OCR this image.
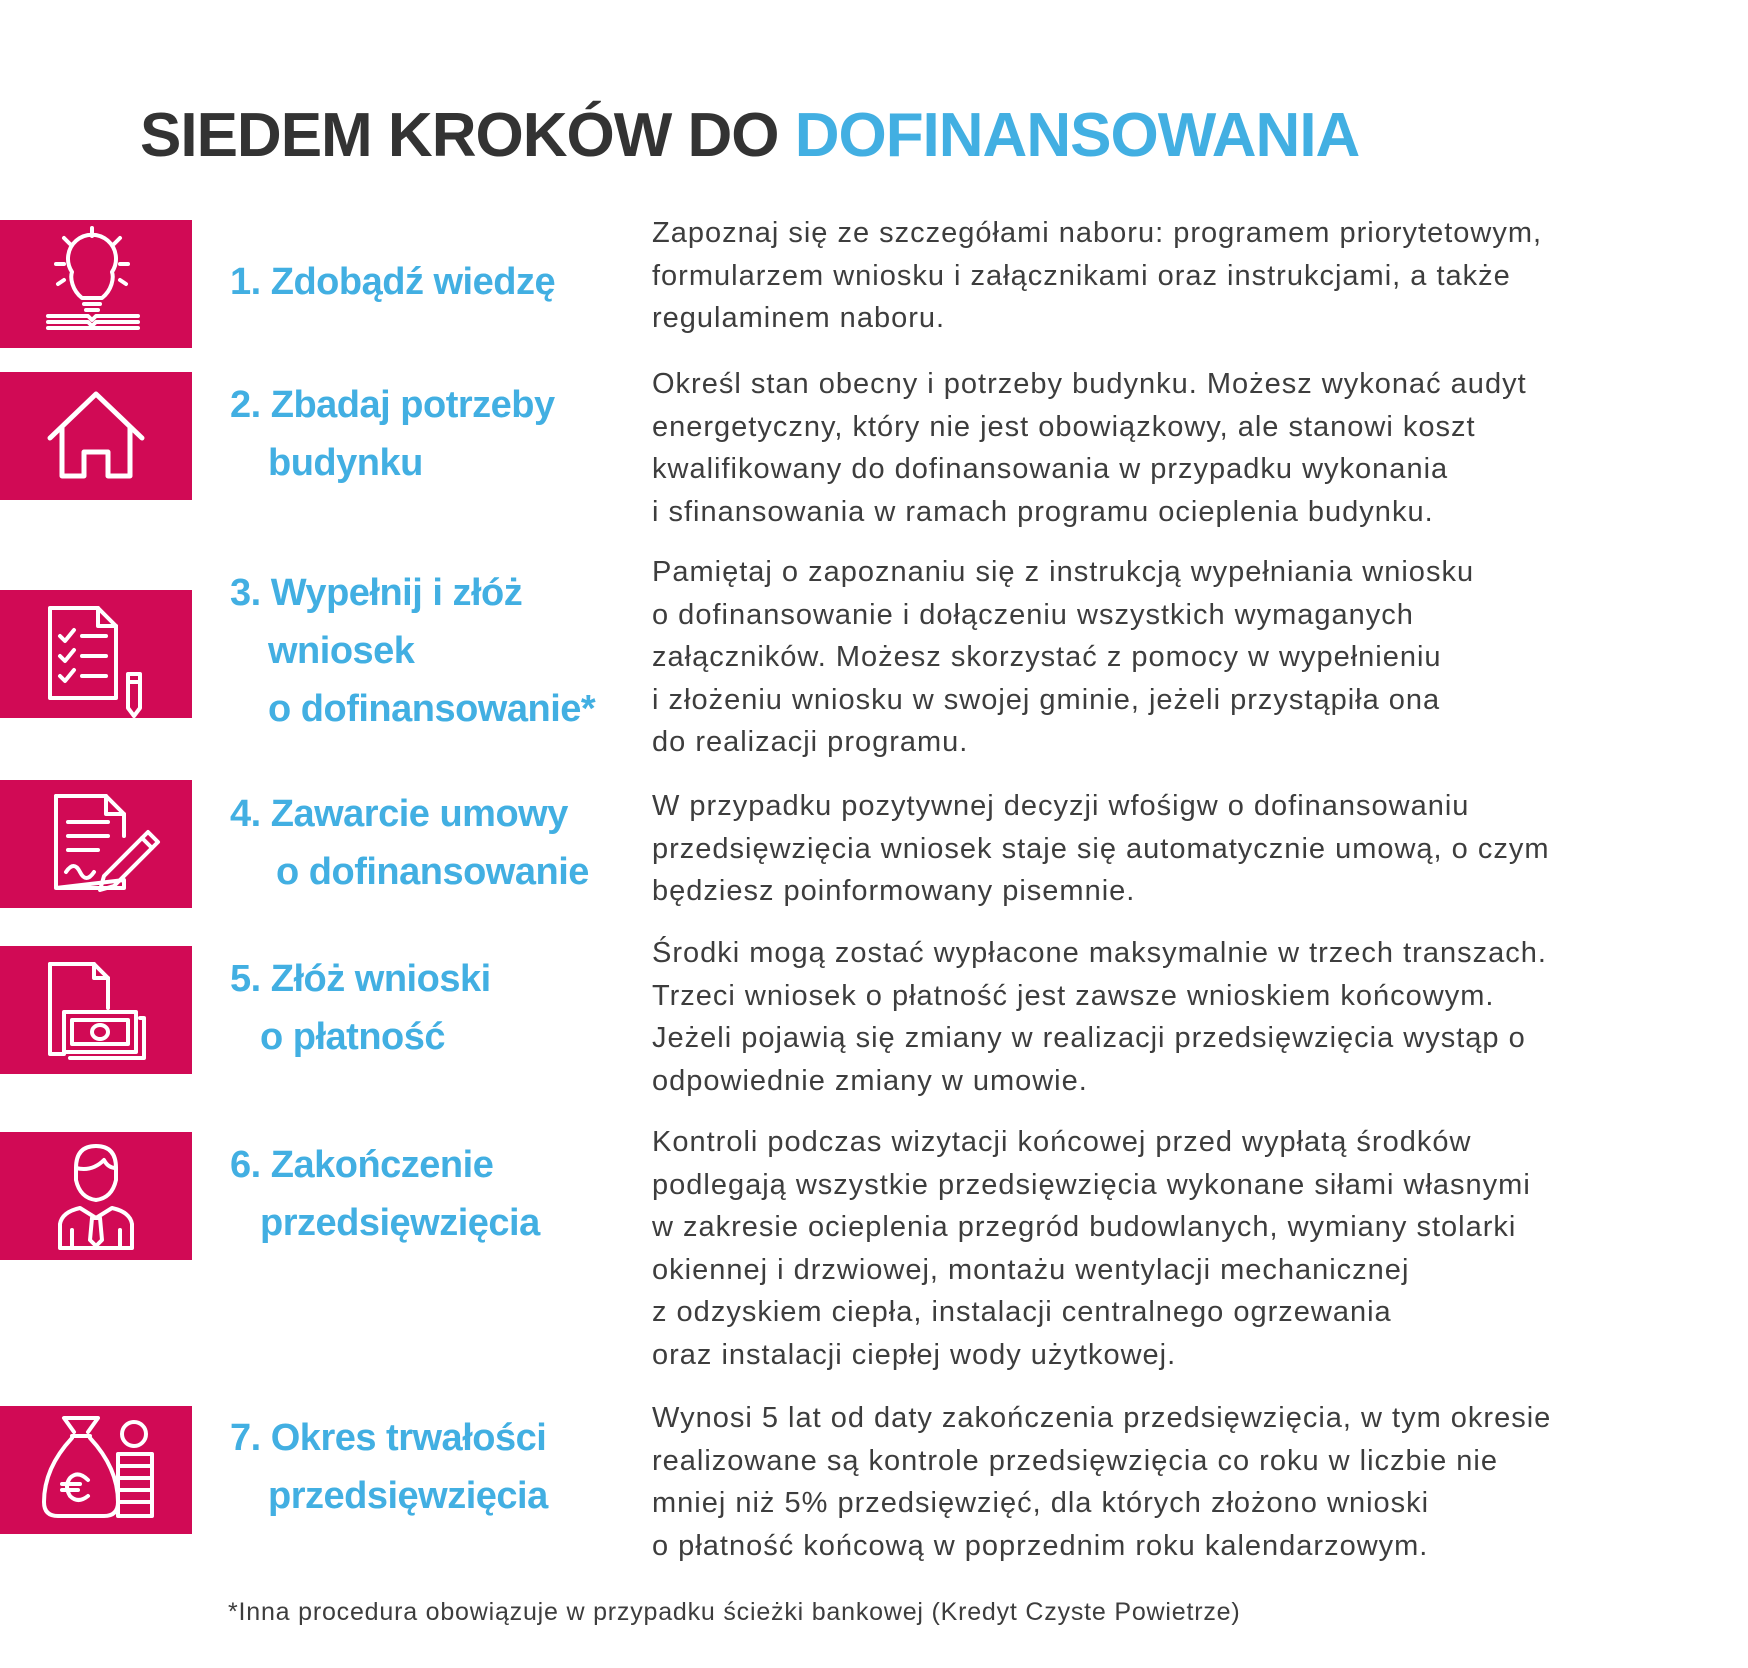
SIEDEM KROKÓW DO DOFINANSOWANIA
1. Zdobądź wiedzę
Zapoznaj się ze szczegółami naboru: programem priorytetowym,
formularzem wniosku i załącznikami oraz instrukcjami, a także
regulaminem naboru.
2. Zbadaj potrzeby
budynku
Określ stan obecny i potrzeby budynku. Możesz wykonać audyt
energetyczny, który nie jest obowiązkowy, ale stanowi koszt
kwalifikowany do dofinansowania w przypadku wykonania
i sfinansowania w ramach programu ocieplenia budynku.
3. Wypełnij i złóż
wniosek
o dofinansowanie*
Pamiętaj o zapoznaniu się z instrukcją wypełniania wniosku
o dofinansowanie i dołączeniu wszystkich wymaganych
załączników. Możesz skorzystać z pomocy w wypełnieniu
i złożeniu wniosku w swojej gminie, jeżeli przystąpiła ona
do realizacji programu.
4. Zawarcie umowy
o dofinansowanie
W przypadku pozytywnej decyzji wfośigw o dofinansowaniu
przedsięwzięcia wniosek staje się automatycznie umową, o czym
będziesz poinformowany pisemnie.
5. Złóż wnioski
o płatność
Środki mogą zostać wypłacone maksymalnie w trzech transzach.
Trzeci wniosek o płatność jest zawsze wnioskiem końcowym.
Jeżeli pojawią się zmiany w realizacji przedsięwzięcia wystąp o
odpowiednie zmiany w umowie.
6. Zakończenie
przedsięwzięcia
Kontroli podczas wizytacji końcowej przed wypłatą środków
podlegają wszystkie przedsięwzięcia wykonane siłami własnymi
w zakresie ocieplenia przegród budowlanych, wymiany stolarki
okiennej i drzwiowej, montażu wentylacji mechanicznej
z odzyskiem ciepła, instalacji centralnego ogrzewania
oraz instalacji ciepłej wody użytkowej.
7. Okres trwałości
przedsięwzięcia
Wynosi 5 lat od daty zakończenia przedsięwzięcia, w tym okresie
realizowane są kontrole przedsięwzięcia co roku w liczbie nie
mniej niż 5% przedsięwzięć, dla których złożono wnioski
o płatność końcową w poprzednim roku kalendarzowym.
*Inna procedura obowiązuje w przypadku ścieżki bankowej (Kredyt Czyste Powietrze)
